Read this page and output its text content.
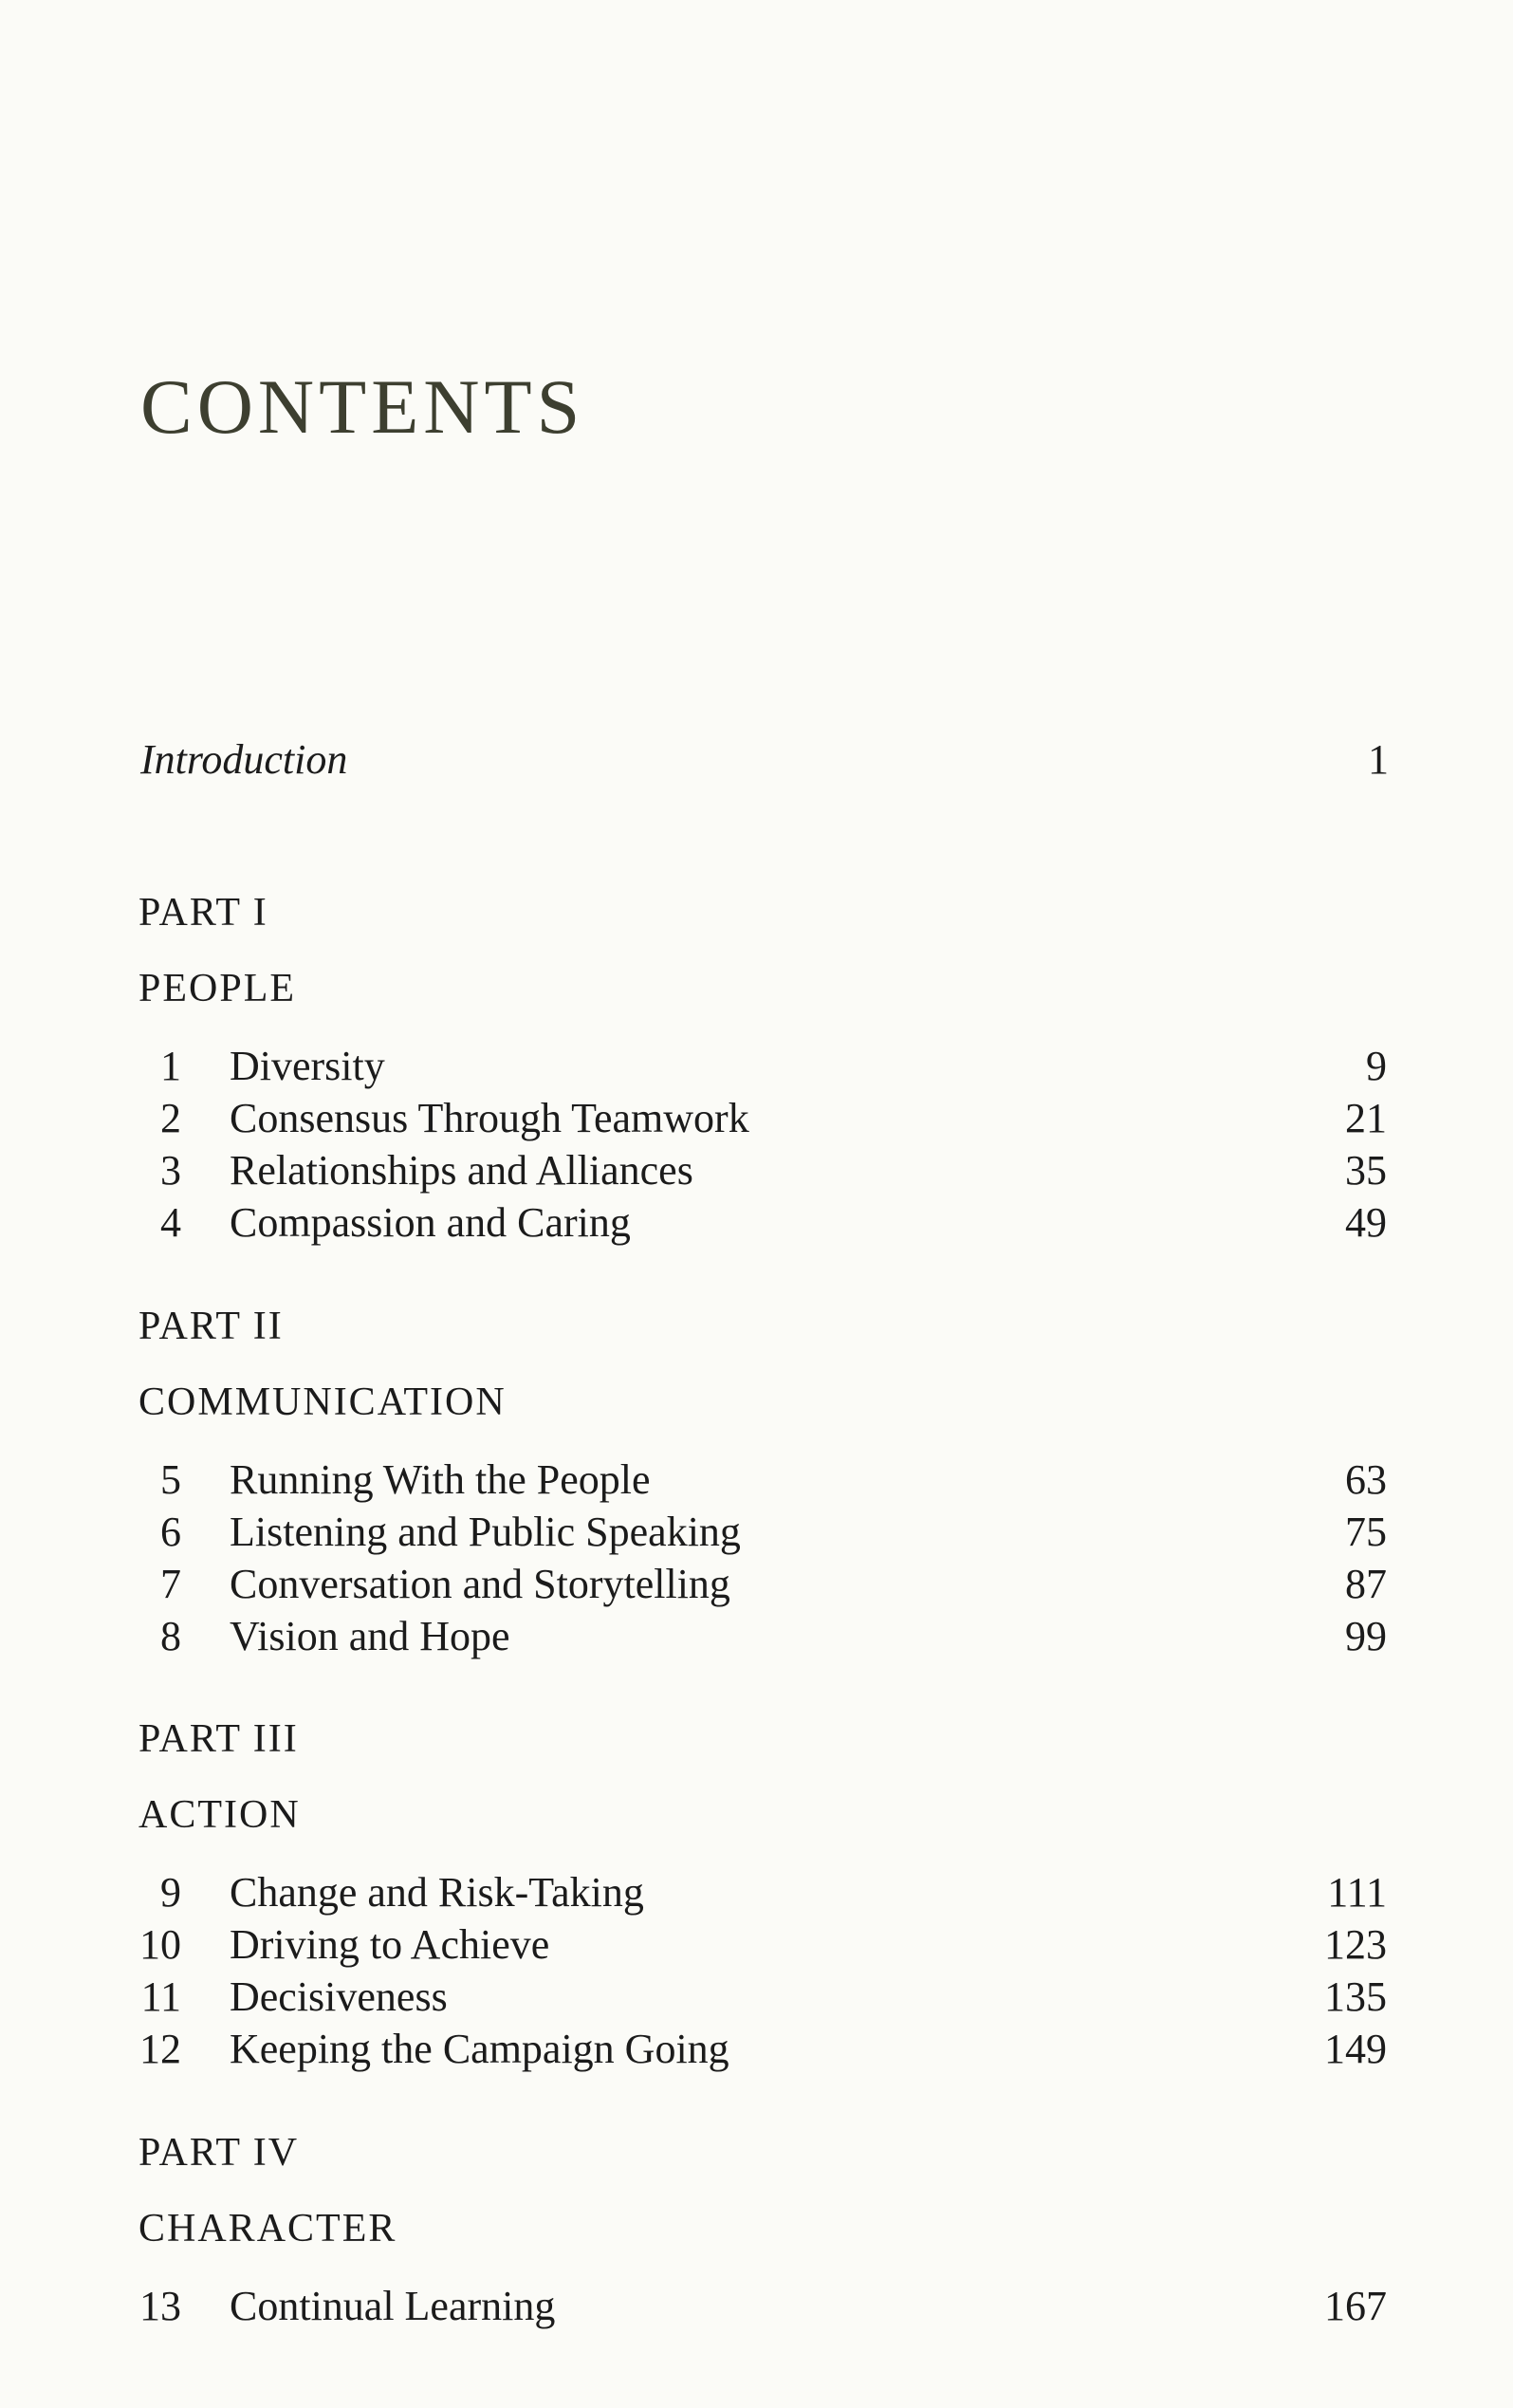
CONTENTS
Introduction	1
PART I
PEOPLE
1 Diversity	9
2 Consensus Through Teamwork	21
3 Relationships and Alliances	35
4 Compassion and Caring	49
PART II
COMMUNICATION
5 Running With the People	63
6 Listening and Public Speaking	75
7 Conversation and Storytelling	87
8 Vision and Hope	99
PART III
ACTION
9 Change and Risk-Taking	111
10 Driving to Achieve	123
11 Decisiveness	135
12 Keeping the Campaign Going	149
PART IV
CHARACTER
13 Continual Learning	167
